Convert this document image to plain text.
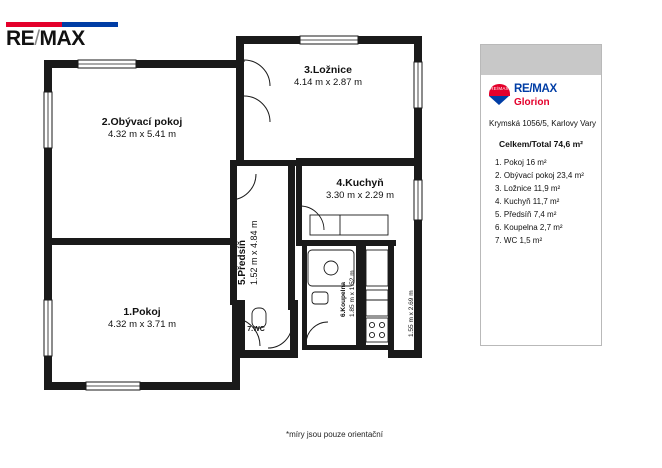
RE/MAX
2.Obývací pokoj
4.32 m x 5.41 m
3.Ložnice
4.14 m x 2.87 m
4.Kuchyň
3.30 m x 2.29 m
1.Pokoj
4.32 m x 3.71 m
5.Předsíň 1.52 m x 4.84 m
6.Koupelna 1.85 m x 1.52 m
7.WC	1.55 m x 2.69 m
*míry jsou pouze orientační
RE/MAX RE/MAX
Glorion
Krymská 1056/5, Karlovy Vary
Celkem/Total 74,6 m²
1. Pokoj 16 m²
2. Obývací pokoj 23,4 m²
3. Ložnice 11,9 m²
4. Kuchyň 11,7 m²
5. Předsíň 7,4 m²
6. Koupelna 2,7 m²
7. WC 1,5 m²
